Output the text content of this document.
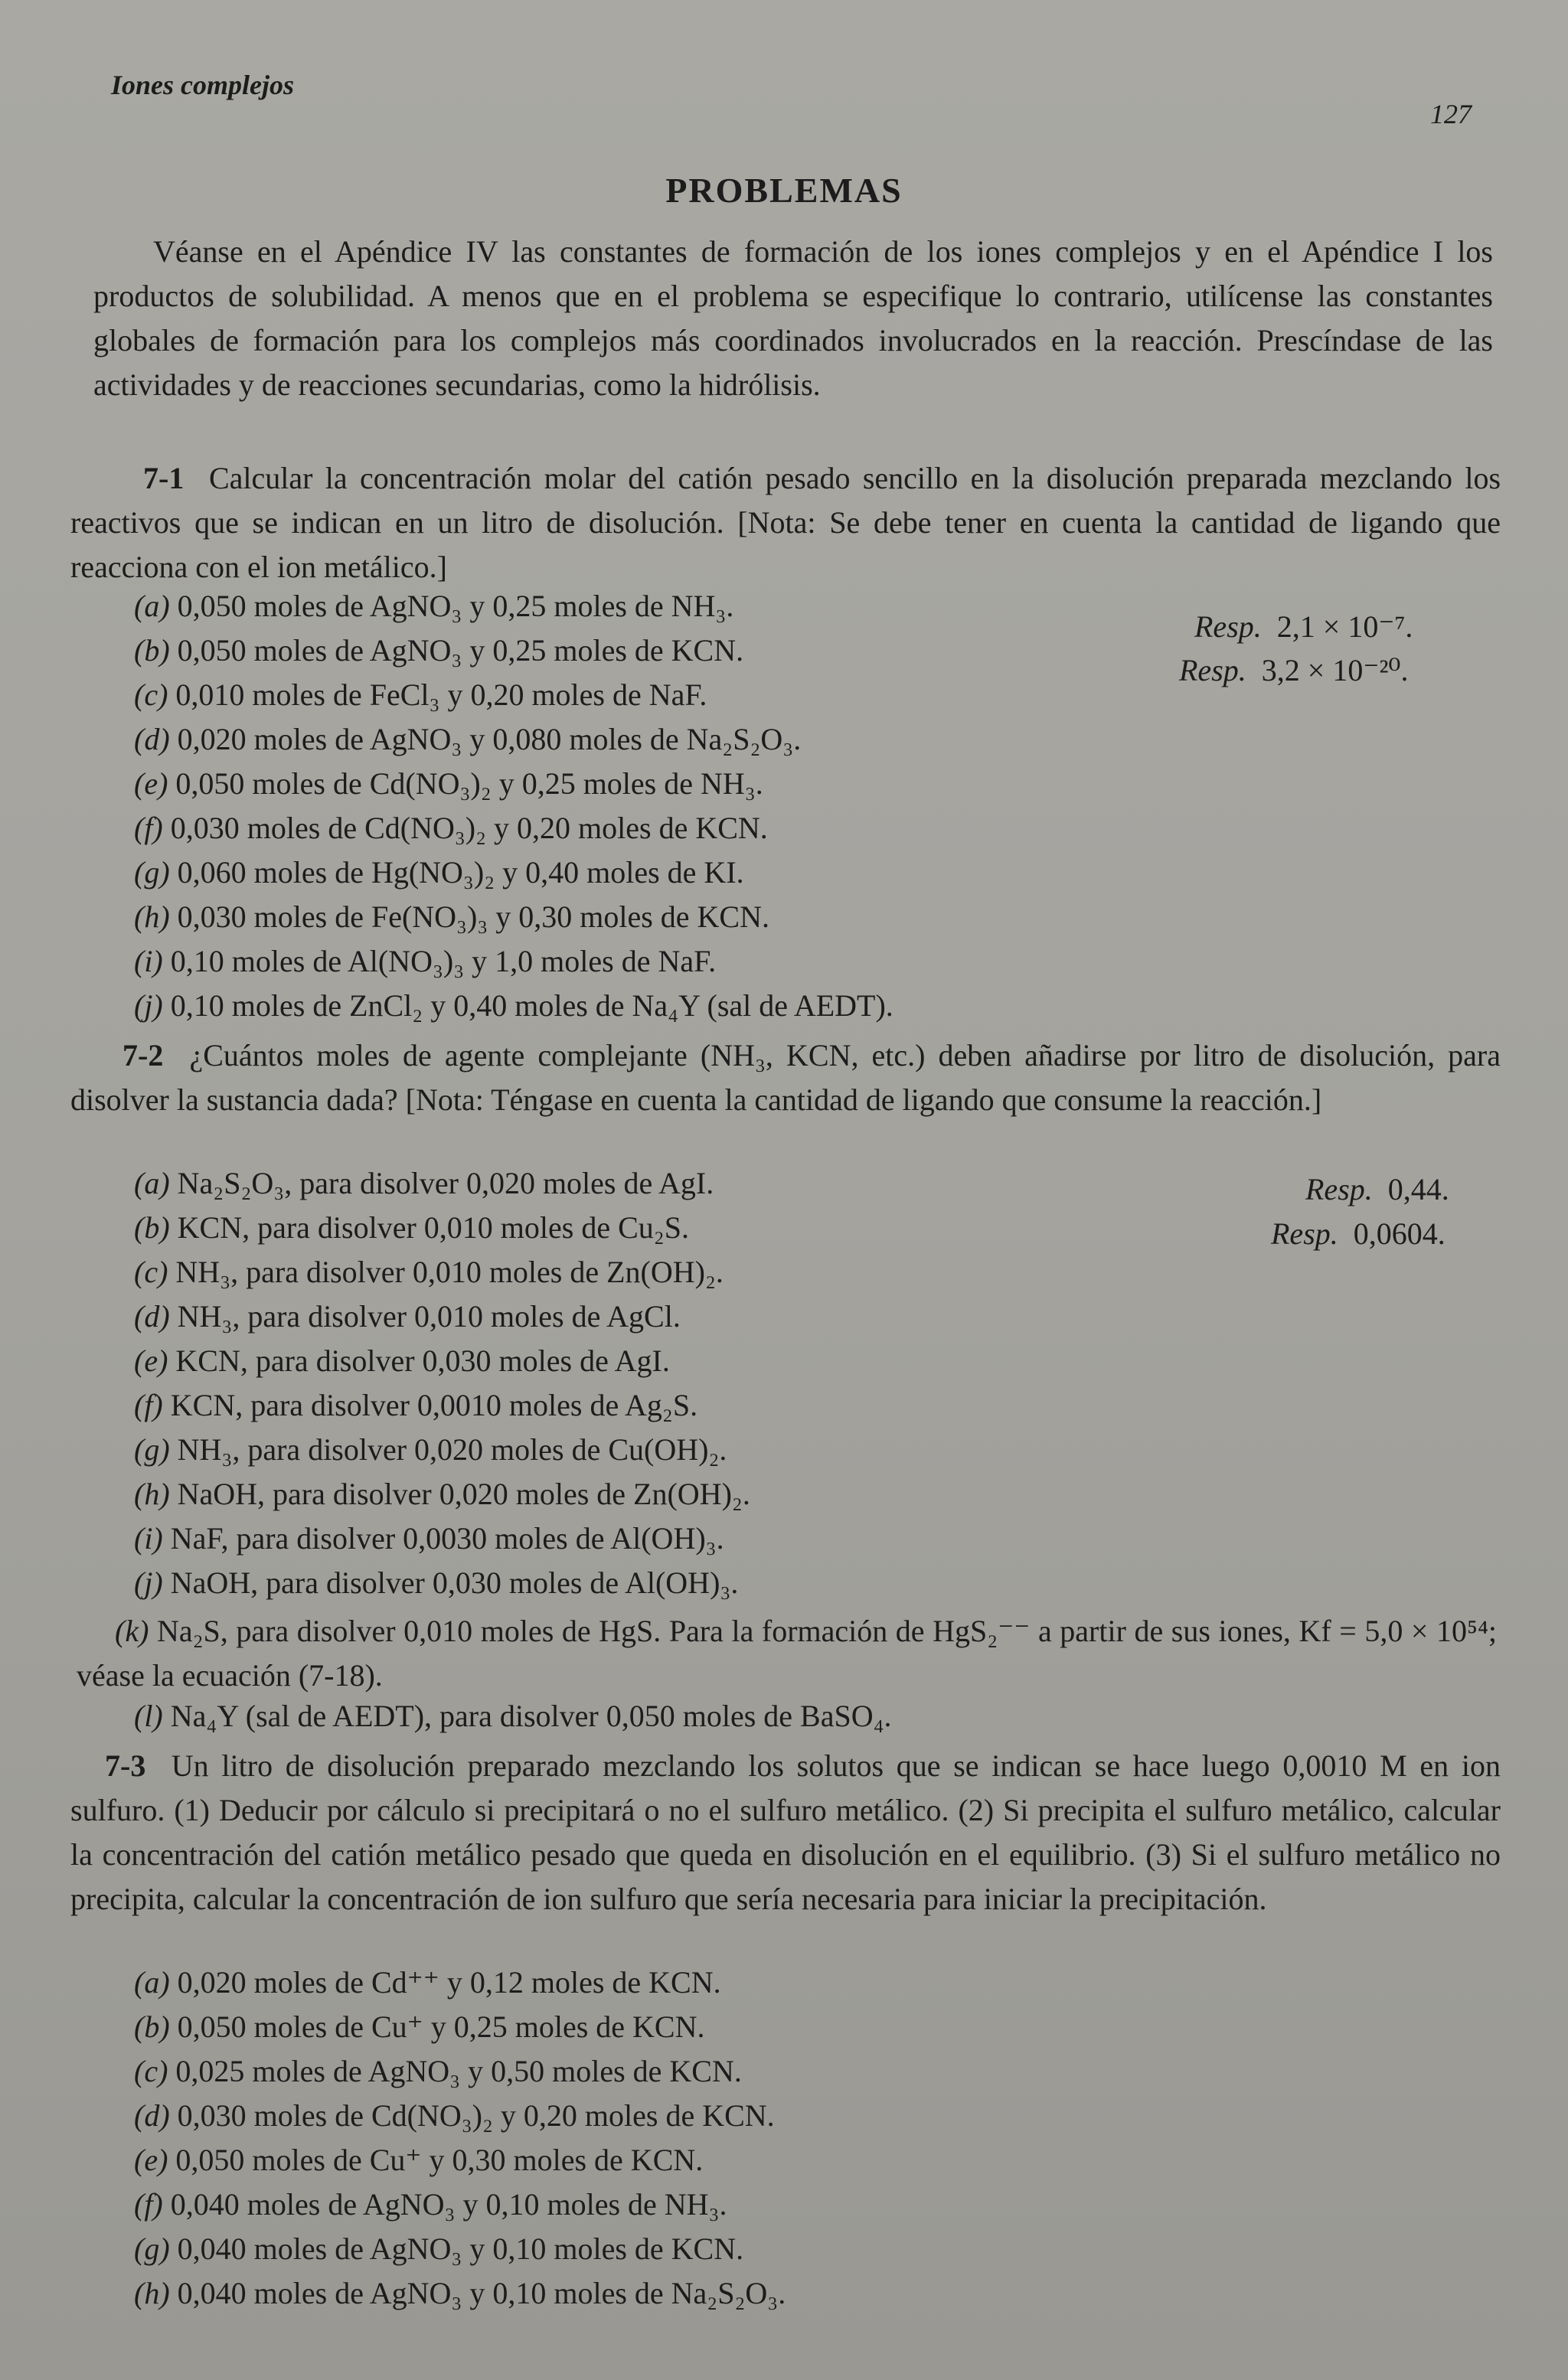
Iones complejos
127
PROBLEMAS
Véanse en el Apéndice IV las constantes de formación de los iones complejos y en el Apéndice I los productos de solubilidad. A menos que en el problema se especifique lo contrario, utilícense las constantes globales de formación para los complejos más coordinados involucrados en la reacción. Prescíndase de las actividades y de reacciones secundarias, como la hidrólisis.
7-1 Calcular la concentración molar del catión pesado sencillo en la disolución preparada mezclando los reactivos que se indican en un litro de disolución. [Nota: Se debe tener en cuenta la cantidad de ligando que reacciona con el ion metálico.]
(a) 0,050 moles de AgNO₃ y 0,25 moles de NH₃.
(b) 0,050 moles de AgNO₃ y 0,25 moles de KCN.
(c) 0,010 moles de FeCl₃ y 0,20 moles de NaF.
(d) 0,020 moles de AgNO₃ y 0,080 moles de Na₂S₂O₃.
(e) 0,050 moles de Cd(NO₃)₂ y 0,25 moles de NH₃.
(f) 0,030 moles de Cd(NO₃)₂ y 0,20 moles de KCN.
(g) 0,060 moles de Hg(NO₃)₂ y 0,40 moles de KI.
(h) 0,030 moles de Fe(NO₃)₃ y 0,30 moles de KCN.
(i) 0,10 moles de Al(NO₃)₃ y 1,0 moles de NaF.
(j) 0,10 moles de ZnCl₂ y 0,40 moles de Na₄Y (sal de AEDT).
Resp. 2,1 × 10⁻⁷.
Resp. 3,2 × 10⁻²⁰.
7-2 ¿Cuántos moles de agente complejante (NH₃, KCN, etc.) deben añadirse por litro de disolución, para disolver la sustancia dada? [Nota: Téngase en cuenta la cantidad de ligando que consume la reacción.]
(a) Na₂S₂O₃, para disolver 0,020 moles de AgI.
(b) KCN, para disolver 0,010 moles de Cu₂S.
(c) NH₃, para disolver 0,010 moles de Zn(OH)₂.
(d) NH₃, para disolver 0,010 moles de AgCl.
(e) KCN, para disolver 0,030 moles de AgI.
(f) KCN, para disolver 0,0010 moles de Ag₂S.
(g) NH₃, para disolver 0,020 moles de Cu(OH)₂.
(h) NaOH, para disolver 0,020 moles de Zn(OH)₂.
(i) NaF, para disolver 0,0030 moles de Al(OH)₃.
(j) NaOH, para disolver 0,030 moles de Al(OH)₃.
(k) Na₂S, para disolver 0,010 moles de HgS. Para la formación de HgS₂⁻⁻ a partir de sus iones, Kf = 5,0 × 10⁵⁴; véase la ecuación (7-18).
(l) Na₄Y (sal de AEDT), para disolver 0,050 moles de BaSO₄.
Resp. 0,44.
Resp. 0,0604.
7-3 Un litro de disolución preparado mezclando los solutos que se indican se hace luego 0,0010 M en ion sulfuro. (1) Deducir por cálculo si precipitará o no el sulfuro metálico. (2) Si precipita el sulfuro metálico, calcular la concentración del catión metálico pesado que queda en disolución en el equilibrio. (3) Si el sulfuro metálico no precipita, calcular la concentración de ion sulfuro que sería necesaria para iniciar la precipitación.
(a) 0,020 moles de Cd⁺⁺ y 0,12 moles de KCN.
(b) 0,050 moles de Cu⁺ y 0,25 moles de KCN.
(c) 0,025 moles de AgNO₃ y 0,50 moles de KCN.
(d) 0,030 moles de Cd(NO₃)₂ y 0,20 moles de KCN.
(e) 0,050 moles de Cu⁺ y 0,30 moles de KCN.
(f) 0,040 moles de AgNO₃ y 0,10 moles de NH₃.
(g) 0,040 moles de AgNO₃ y 0,10 moles de KCN.
(h) 0,040 moles de AgNO₃ y 0,10 moles de Na₂S₂O₃.
